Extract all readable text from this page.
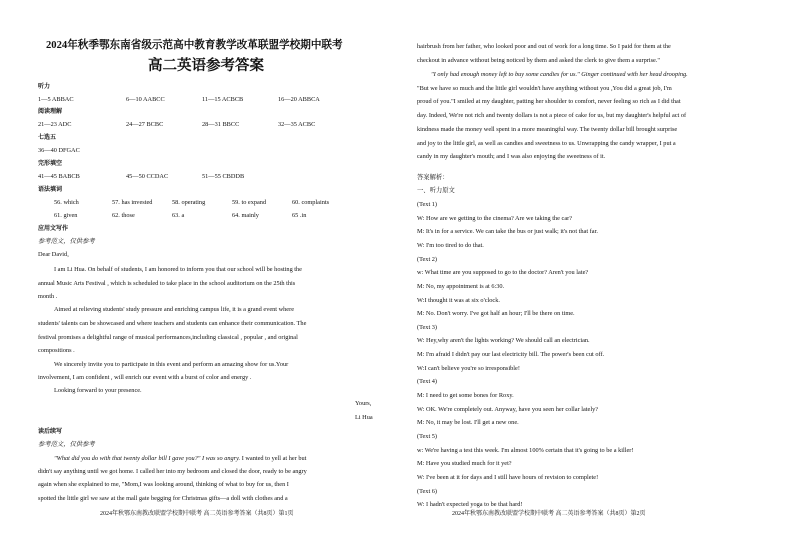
2024年秋季鄂东南省级示范高中教育教学改革联盟学校期中联考
高二英语参考答案
听力
1—5 ABBAC	6—10 AABCC	11—15 ACBCB	16—20 ABBCA
阅读理解
21—23 ADC	24—27 BCBC	28—31 BBCC	32—35 ACBC
七选五
36—40 DFGAC
完形填空
41—45 BABCB	45—50 CCDAC	51—55 CBDDB
语法填词
56. which	57. has invested	58. operating	59. to expand	60. complaints
61. given	62. those	63. a	64. mainly	65 .in
应用文写作
参考范文，仅供参考
Dear David,
I am Li Hua. On behalf of students, I am honored to inform you that our school will be hosting the
annual Music Arts Festival , which is scheduled to take place in the school auditorium on the 25th this
month .
Aimed at relieving students' study pressure and enriching campus life, it is a grand event where
students' talents can be showcased and where teachers and students can enhance their communication. The
festival promises a delightful range of musical performances,including classical , popular , and original
compositions .
We sincerely invite you to participate in this event and perform an amazing show for us.Your
involvement, I am confident , will enrich our event with a burst of color and energy .
Looking forward to your presence.
Yours,
Li Hua
读后续写
参考范文，仅供参考
"What did you do with that twenty dollar bill I gave you?" I was so angry. I wanted to yell at her but
didn't say anything until we got home. I called her into my bedroom and closed the door, ready to be angry
again when she explained to me, "Mom,I was looking around, thinking of what to buy for us, then I
spotted the little girl we saw at the mall gate begging for Christmas gifts—a doll with clothes and a
2024年秋鄂东南教改联盟学校期中联考 高二英语参考答案（共8页）第1页
hairbrush from her father, who looked poor and out of work for a long time. So I paid for them at the
checkout in advance without being noticed by them and asked the clerk to give them a surprise."
"I only had enough money left to buy some candies for us." Ginger continued with her head drooping.
"But we have so much and the little girl wouldn't have anything without you ,You did a great job, I'm
proud of you."I smiled at my daughter, patting her shoulder to comfort, never feeling so rich as I did that
day. Indeed, We're not rich and twenty dollars is not a piece of cake for us, but my daughter's helpful act of
kindness made the money well spent in a more meaningful way. The twenty dollar bill brought surprise
and joy to the little girl, as well as candies and sweetness to us. Unwrapping the candy wrapper, I put a
candy in my daughter's mouth; and I was also enjoying the sweetness of it.
答案解析：
一、听力原文
(Text 1)
W: How are we getting to the cinema? Are we taking the car?
M: It's in for a service. We can take the bus or just walk; it's not that far.
W: I'm too tired to do that.
(Text 2)
w: What time are you supposed to go to the doctor? Aren't you late?
M: No, my appointment is at 6:30.
W:I thought it was at six o'clock.
M: No. Don't worry. I've got half an hour; I'll be there on time.
(Text 3)
W: Hey,why aren't the lights working? We should call an electrician.
M: I'm afraid I didn't pay our last electricity bill. The power's been cut off.
W:I can't believe you're so irresponsible!
(Text 4)
M: I need to get some bones for Roxy.
W: OK. We're completely out. Anyway, have you seen her collar lately?
M: No, it may be lost. I'll get a new one.
(Text 5)
w: We're having a test this week. I'm almost 100% certain that it's going to be a killer!
M: Have you studied much for it yet?
W: I've been at it for days and I still have hours of revision to complete!
(Text 6)
W: I hadn't expected yoga to be that hard!
2024年秋鄂东南教改联盟学校期中联考 高二英语参考答案（共8页）第2页
